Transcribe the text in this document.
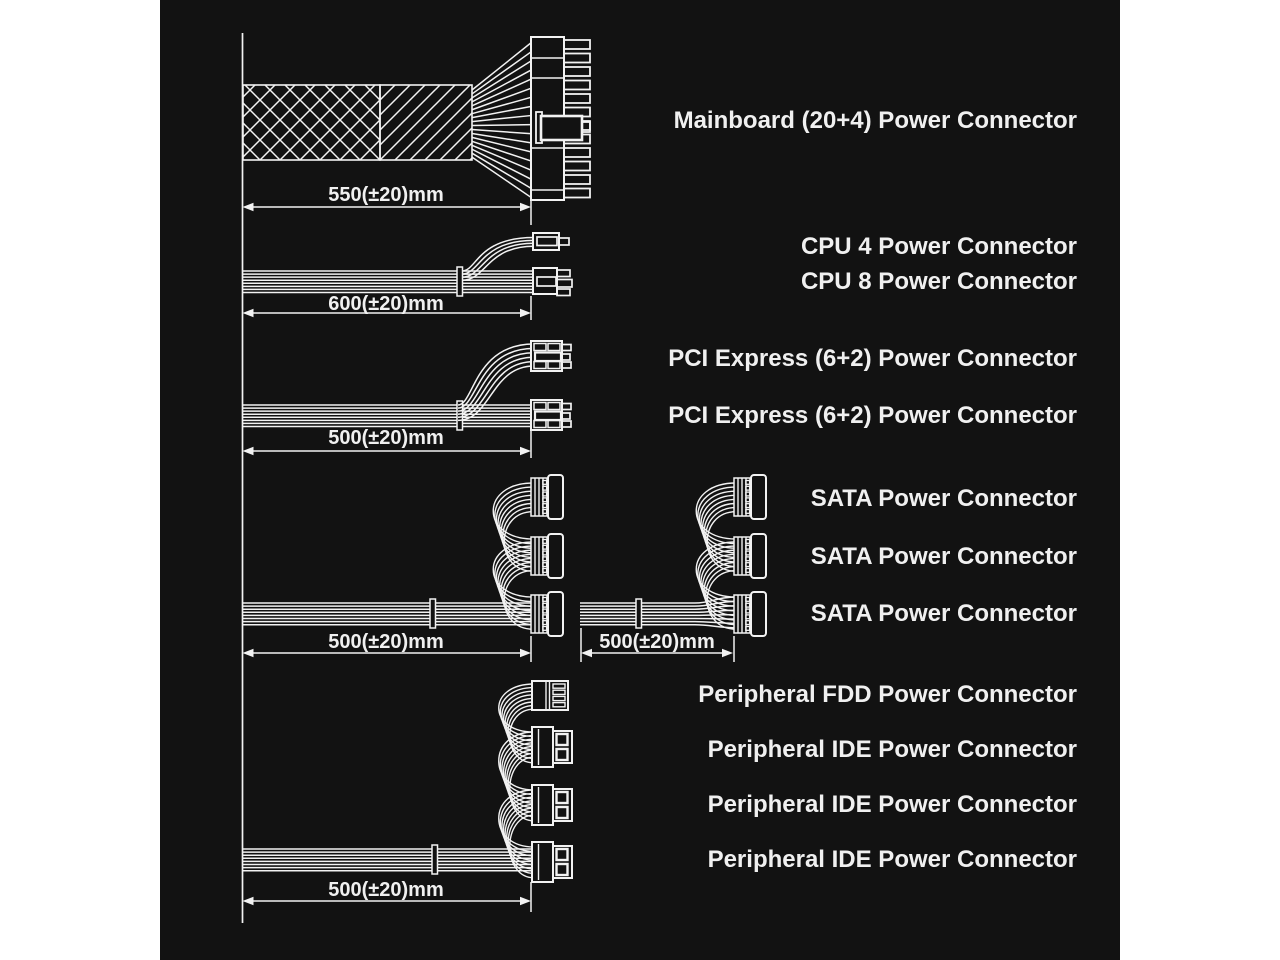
Mainboard (20+4) Power Connector
CPU 4 Power Connector
CPU 8 Power Connector
PCI Express (6+2) Power Connector
PCI Express (6+2) Power Connector
SATA Power Connector
SATA Power Connector
SATA Power Connector
Peripheral FDD Power Connector
Peripheral IDE Power Connector
Peripheral IDE Power Connector
Peripheral IDE Power Connector
550(±20)mm
600(±20)mm
500(±20)mm
500(±20)mm	500(±20)mm
500(±20)mm
